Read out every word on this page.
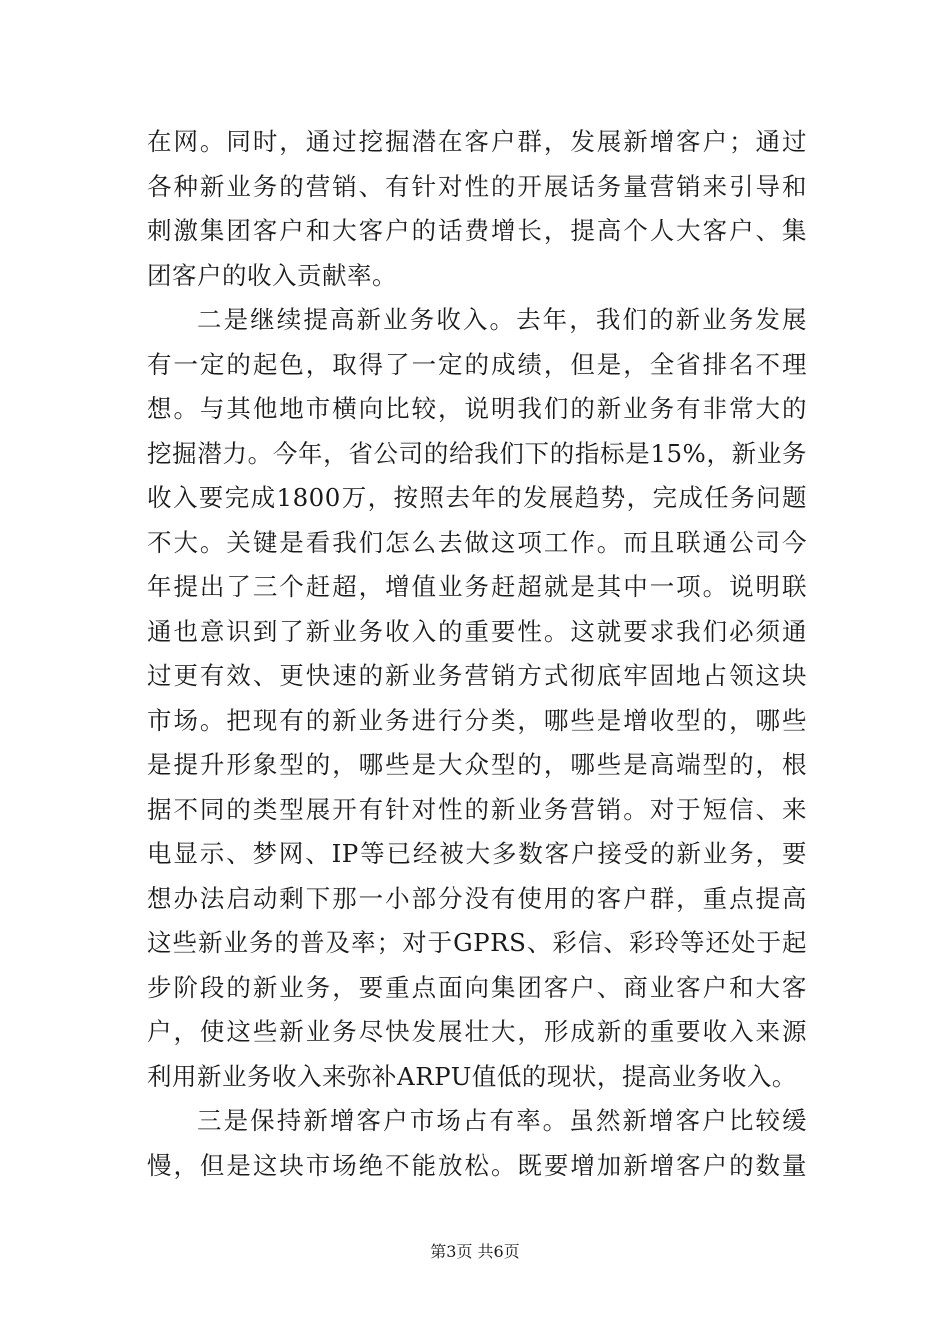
在网。同时，通过挖掘潜在客户群，发展新增客户；通过
各种新业务的营销、有针对性的开展话务量营销来引导和
刺激集团客户和大客户的话费增长，提高个人大客户、集
团客户的收入贡献率。
二是继续提高新业务收入。去年，我们的新业务发展
有一定的起色，取得了一定的成绩，但是，全省排名不理
想。与其他地市横向比较，说明我们的新业务有非常大的
挖掘潜力。今年，省公司的给我们下的指标是15%，新业务
收入要完成1800万，按照去年的发展趋势，完成任务问题
不大。关键是看我们怎么去做这项工作。而且联通公司今
年提出了三个赶超，增值业务赶超就是其中一项。说明联
通也意识到了新业务收入的重要性。这就要求我们必须通
过更有效、更快速的新业务营销方式彻底牢固地占领这块
市场。把现有的新业务进行分类，哪些是增收型的，哪些
是提升形象型的，哪些是大众型的，哪些是高端型的，根
据不同的类型展开有针对性的新业务营销。对于短信、来
电显示、梦网、IP等已经被大多数客户接受的新业务，要
想办法启动剩下那一小部分没有使用的客户群，重点提高
这些新业务的普及率；对于GPRS、彩信、彩玲等还处于起
步阶段的新业务，要重点面向集团客户、商业客户和大客
户，使这些新业务尽快发展壮大，形成新的重要收入来源
利用新业务收入来弥补ARPU值低的现状，提高业务收入。
三是保持新增客户市场占有率。虽然新增客户比较缓
慢，但是这块市场绝不能放松。既要增加新增客户的数量
第3页 共6页
